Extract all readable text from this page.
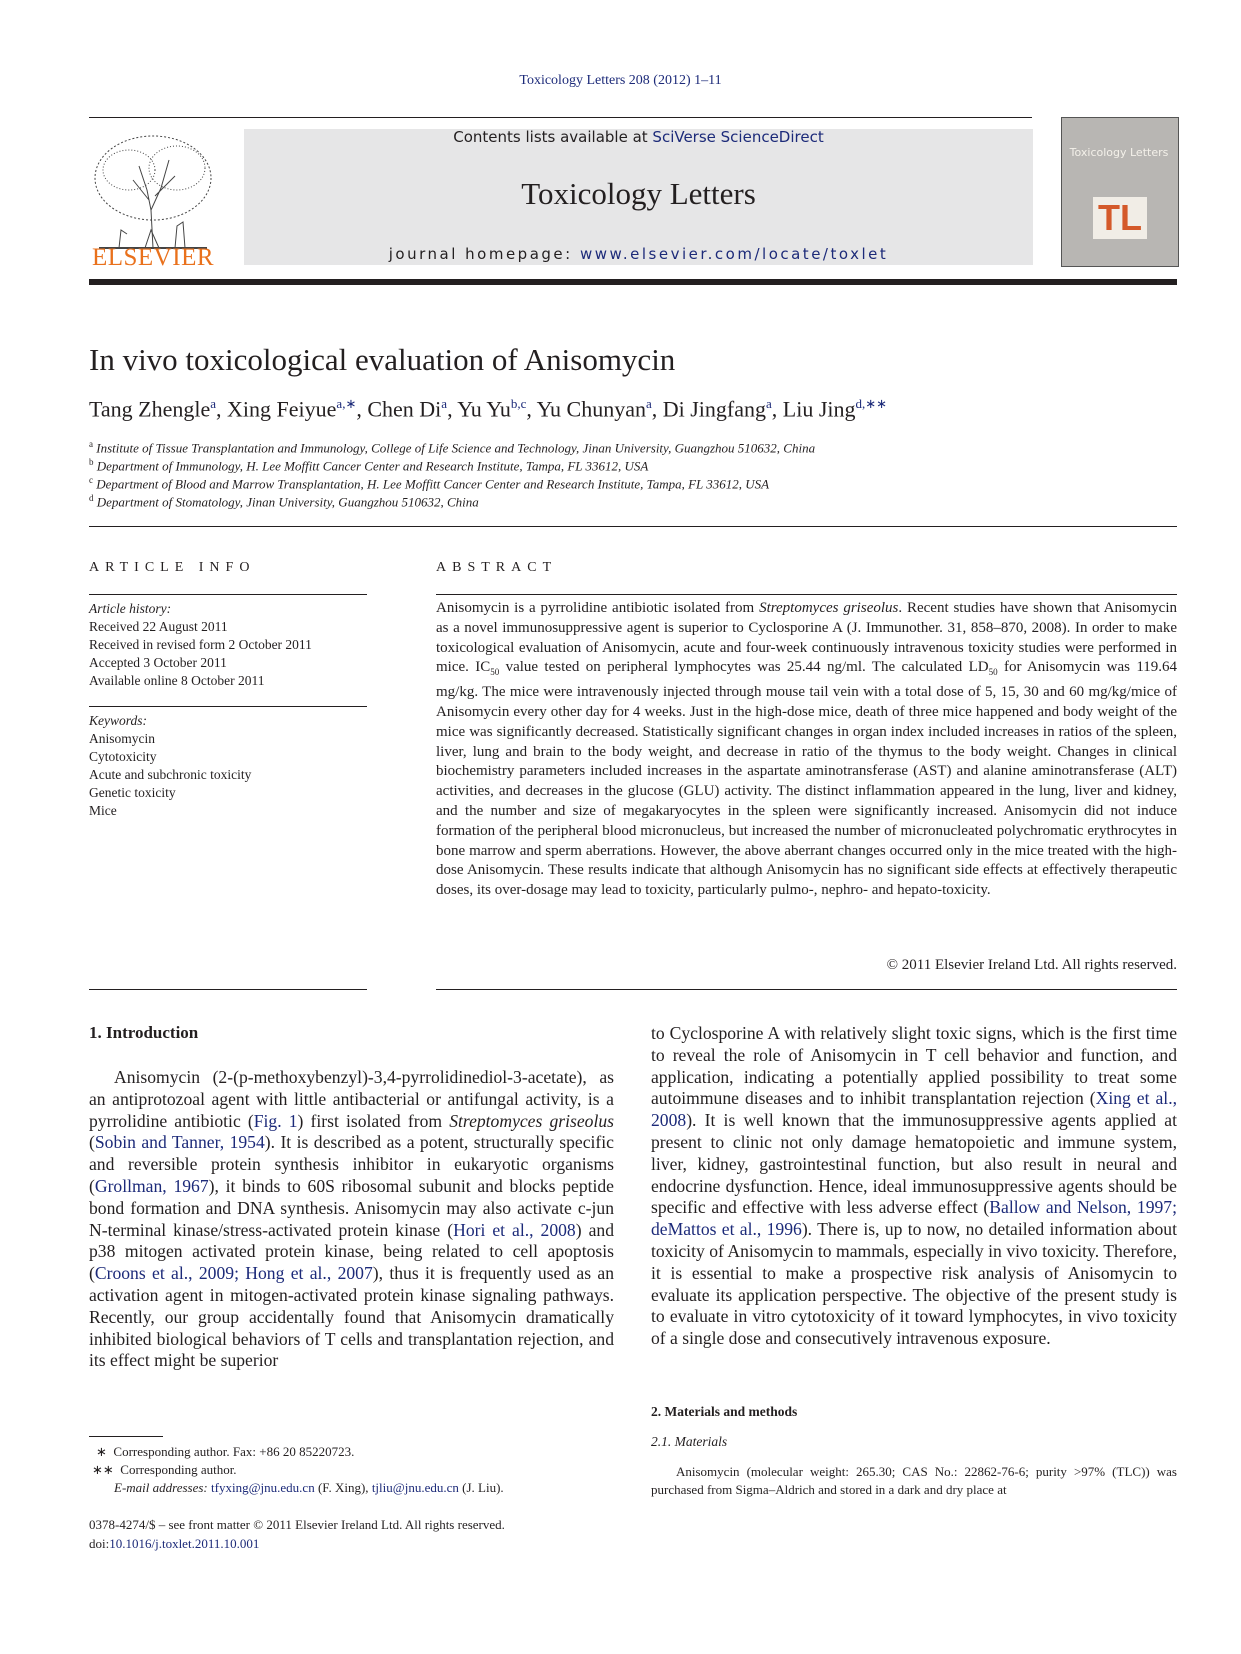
Toxicology Letters 208 (2012) 1–11
ELSEVIER
Contents lists available at SciVerse ScienceDirect
Toxicology Letters
journal homepage: www.elsevier.com/locate/toxlet
Toxicology Letters
TL
In vivo toxicological evaluation of Anisomycin
Tang Zhengle$^a$, Xing Feiyue$^{a,∗}$, Chen Di$^a$, Yu Yu$^{b,c}$, Yu Chunyan$^a$, Di Jingfang$^a$, Liu Jing$^{d,∗∗}$
$^a$ Institute of Tissue Transplantation and Immunology, College of Life Science and Technology, Jinan University, Guangzhou 510632, China
$^b$ Department of Immunology, H. Lee Moffitt Cancer Center and Research Institute, Tampa, FL 33612, USA
$^c$ Department of Blood and Marrow Transplantation, H. Lee Moffitt Cancer Center and Research Institute, Tampa, FL 33612, USA
$^d$ Department of Stomatology, Jinan University, Guangzhou 510632, China
ARTICLE INFO
Article history:
Received 22 August 2011
Received in revised form 2 October 2011
Accepted 3 October 2011
Available online 8 October 2011
Keywords:
Anisomycin
Cytotoxicity
Acute and subchronic toxicity
Genetic toxicity
Mice
ABSTRACT
Anisomycin is a pyrrolidine antibiotic isolated from Streptomyces griseolus. Recent studies have shown that Anisomycin as a novel immunosuppressive agent is superior to Cyclosporine A (J. Immunother. 31, 858–870, 2008). In order to make toxicological evaluation of Anisomycin, acute and four-week continuously intravenous toxicity studies were performed in mice. $IC_{50}$ value tested on peripheral lymphocytes was 25.44 ng/ml. The calculated $LD_{50}$ for Anisomycin was 119.64 mg/kg. The mice were intravenously injected through mouse tail vein with a total dose of 5, 15, 30 and 60 mg/kg/mice of Anisomycin every other day for 4 weeks. Just in the high-dose mice, death of three mice happened and body weight of the mice was significantly decreased. Statistically significant changes in organ index included increases in ratios of the spleen, liver, lung and brain to the body weight, and decrease in ratio of the thymus to the body weight. Changes in clinical biochemistry parameters included increases in the aspartate aminotransferase (AST) and alanine aminotransferase (ALT) activities, and decreases in the glucose (GLU) activity. The distinct inflammation appeared in the lung, liver and kidney, and the number and size of megakaryocytes in the spleen were significantly increased. Anisomycin did not induce formation of the peripheral blood micronucleus, but increased the number of micronucleated polychromatic erythrocytes in bone marrow and sperm aberrations. However, the above aberrant changes occurred only in the mice treated with the high-dose Anisomycin. These results indicate that although Anisomycin has no significant side effects at effectively therapeutic doses, its over-dosage may lead to toxicity, particularly pulmo-, nephro- and hepato-toxicity.
© 2011 Elsevier Ireland Ltd. All rights reserved.
1. Introduction
Anisomycin (2-(p-methoxybenzyl)-3,4-pyrrolidinediol-3-acetate), as an antiprotozoal agent with little antibacterial or antifungal activity, is a pyrrolidine antibiotic (Fig. 1) first isolated from Streptomyces griseolus (Sobin and Tanner, 1954). It is described as a potent, structurally specific and reversible protein synthesis inhibitor in eukaryotic organisms (Grollman, 1967), it binds to 60S ribosomal subunit and blocks peptide bond formation and DNA synthesis. Anisomycin may also activate c-jun N-terminal kinase/stress-activated protein kinase (Hori et al., 2008) and p38 mitogen activated protein kinase, being related to cell apoptosis (Croons et al., 2009; Hong et al., 2007), thus it is frequently used as an activation agent in mitogen-activated protein kinase signaling pathways. Recently, our group accidentally found that Anisomycin dramatically inhibited biological behaviors of T cells and transplantation rejection, and its effect might be superior
to Cyclosporine A with relatively slight toxic signs, which is the first time to reveal the role of Anisomycin in T cell behavior and function, and application, indicating a potentially applied possibility to treat some autoimmune diseases and to inhibit transplantation rejection (Xing et al., 2008). It is well known that the immunosuppressive agents applied at present to clinic not only damage hematopoietic and immune system, liver, kidney, gastrointestinal function, but also result in neural and endocrine dysfunction. Hence, ideal immunosuppressive agents should be specific and effective with less adverse effect (Ballow and Nelson, 1997; deMattos et al., 1996). There is, up to now, no detailed information about toxicity of Anisomycin to mammals, especially in vivo toxicity. Therefore, it is essential to make a prospective risk analysis of Anisomycin to evaluate its application perspective. The objective of the present study is to evaluate in vitro cytotoxicity of it toward lymphocytes, in vivo toxicity of a single dose and consecutively intravenous exposure.
2. Materials and methods
2.1. Materials
Anisomycin (molecular weight: 265.30; CAS No.: 22862-76-6; purity >97% (TLC)) was purchased from Sigma–Aldrich and stored in a dark and dry place at
∗ Corresponding author. Fax: +86 20 85220723.
∗∗ Corresponding author.
E-mail addresses: tfyxing@jnu.edu.cn (F. Xing), tjliu@jnu.edu.cn (J. Liu).
0378-4274/$ – see front matter © 2011 Elsevier Ireland Ltd. All rights reserved.
doi:10.1016/j.toxlet.2011.10.001
